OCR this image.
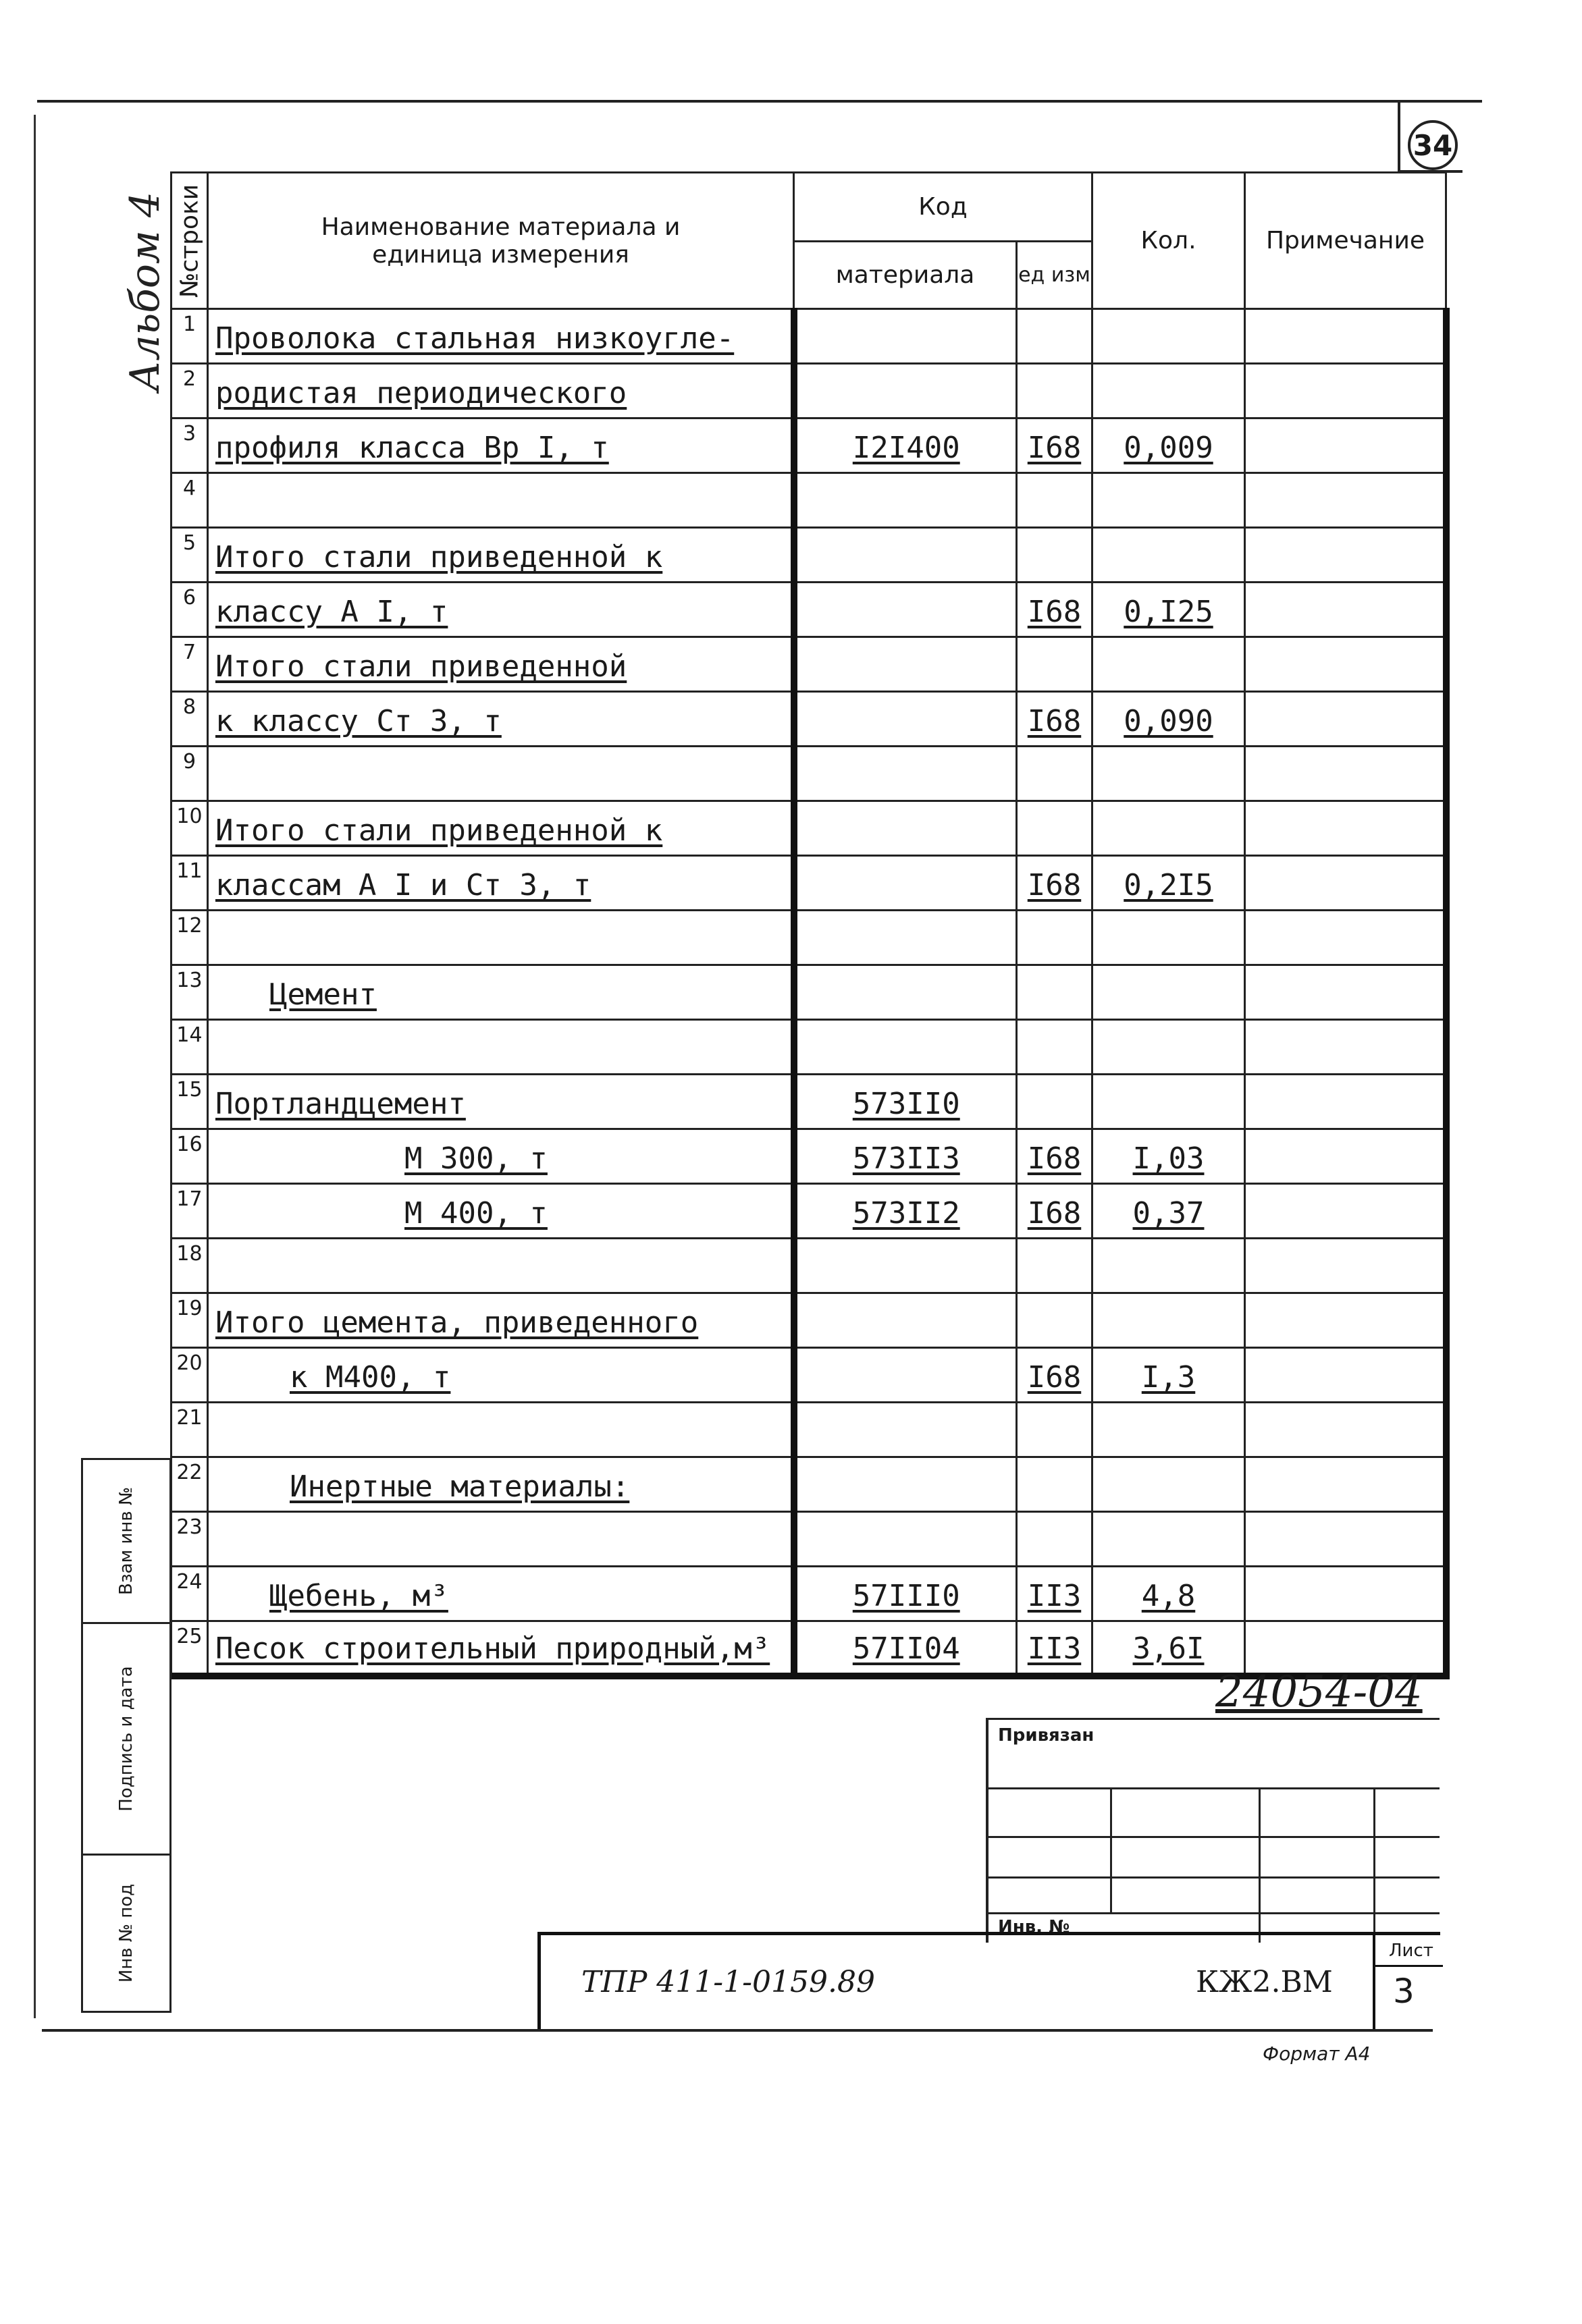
34
Альбом 4 №строки	Наименование материала и единица измерения	Код		Кол.	Примечание
		материала	ед изм		
1	Проволока стальная низкоугле-				
2	родистая периодического				
3	профиля класса Вр I, т	I2I400	I68	0,009	
4					
5	Итого стали приведенной к				
6	классу А I, т		I68	0,I25	
7	Итого стали приведенной				
8	к классу Ст 3, т		I68	0,090	
9					
10	Итого стали приведенной к				
11	классам А I и Ст 3, т		I68	0,2I5	
12					
13	Цемент				
14					
15	Портландцемент	573II0			
16	М 300, т	573II3	I68	I,03	
17	М 400, т	573II2	I68	0,37	
18					
19	Итого цемента, приведенного				
20	к М400, т		I68	I,3	
21					
22	Инертные материалы:				
23					
24	Щебень, м³	57III0	II3	4,8	
25	Песок строительный природный,м³	57II04	II3	3,6I	
Взам инв №
Подпись и дата
Инв № под
24054-04
Привязан
Инв. №
ТПР 411-1-0159.89	КЖ2.ВМ
Лист
3
Формат А4
